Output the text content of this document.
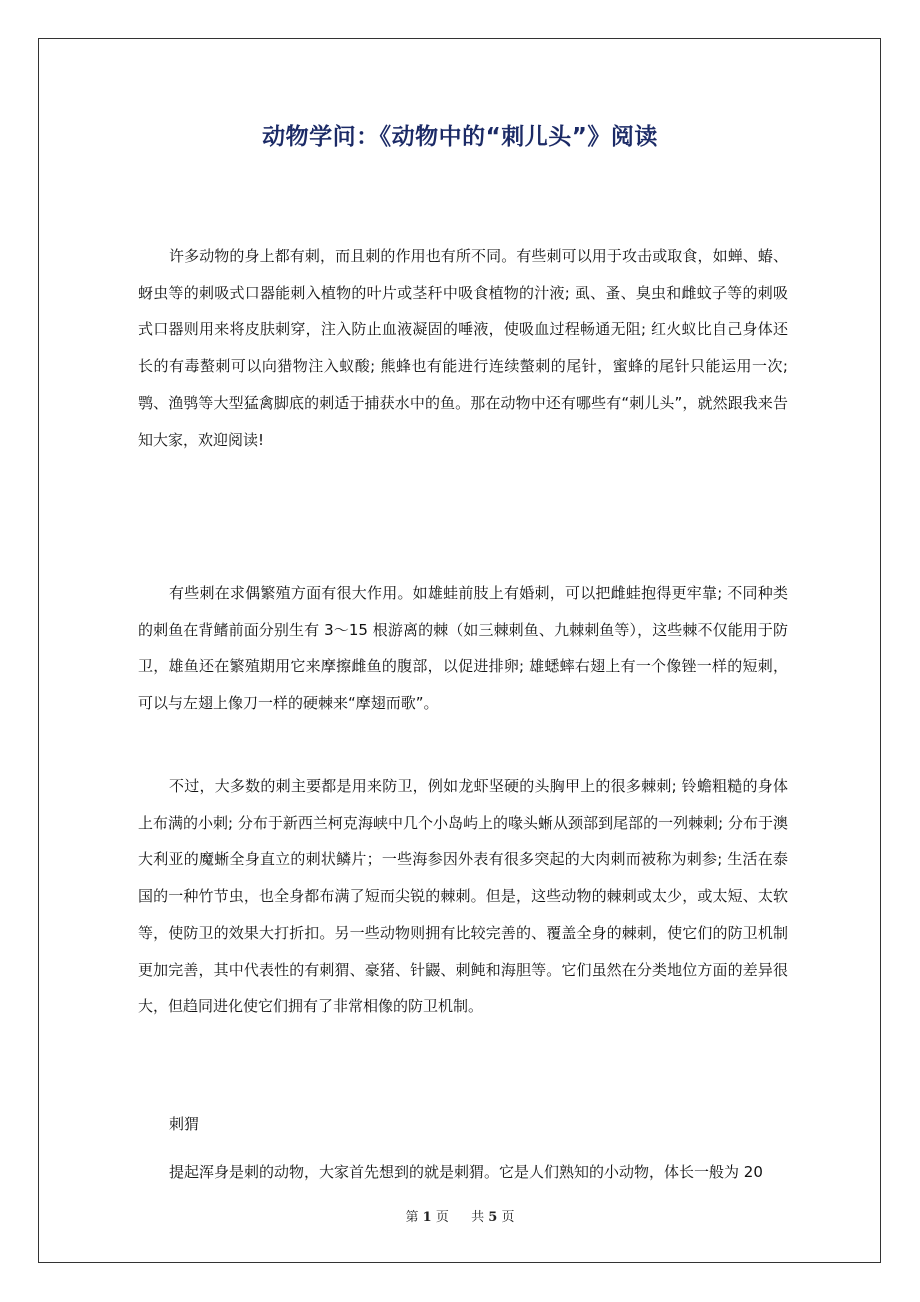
动物学问：《动物中的“刺儿头”》阅读

许多动物的身上都有刺，而且刺的作用也有所不同。有些刺可以用于攻击或取食，如蝉、蝽、蚜虫等的刺吸式口器能刺入植物的叶片或茎秆中吸食植物的汁液; 虱、蚤、臭虫和雌蚊子等的刺吸式口器则用来将皮肤刺穿，注入防止血液凝固的唾液，使吸血过程畅通无阻; 红火蚁比自己身体还长的有毒螯刺可以向猎物注入蚁酸; 熊蜂也有能进行连续螫刺的尾针，蜜蜂的尾针只能运用一次; 鹗、渔鸮等大型猛禽脚底的刺适于捕获水中的鱼。那在动物中还有哪些有“刺儿头”，就然跟我来告知大家，欢迎阅读!

有些刺在求偶繁殖方面有很大作用。如雄蛙前肢上有婚刺，可以把雌蛙抱得更牢靠; 不同种类的刺鱼在背鳍前面分别生有 3～15 根游离的棘（如三棘刺鱼、九棘刺鱼等），这些棘不仅能用于防卫，雄鱼还在繁殖期用它来摩擦雌鱼的腹部，以促进排卵; 雄蟋蟀右翅上有一个像锉一样的短刺，可以与左翅上像刀一样的硬棘来“摩翅而歌”。

不过，大多数的刺主要都是用来防卫，例如龙虾坚硬的头胸甲上的很多棘刺; 铃蟾粗糙的身体上布满的小刺; 分布于新西兰柯克海峡中几个小岛屿上的喙头蜥从颈部到尾部的一列棘刺; 分布于澳大利亚的魔蜥全身直立的刺状鳞片；一些海参因外表有很多突起的大肉刺而被称为刺参; 生活在泰国的一种竹节虫，也全身都布满了短而尖锐的棘刺。但是，这些动物的棘刺或太少，或太短、太软等，使防卫的效果大打折扣。另一些动物则拥有比较完善的、覆盖全身的棘刺，使它们的防卫机制更加完善，其中代表性的有刺猬、豪猪、针鼹、刺鲀和海胆等。它们虽然在分类地位方面的差异很大，但趋同进化使它们拥有了非常相像的防卫机制。

刺猬

提起浑身是刺的动物，大家首先想到的就是刺猬。它是人们熟知的小动物，体长一般为 20

第 1 页 共 5 页
